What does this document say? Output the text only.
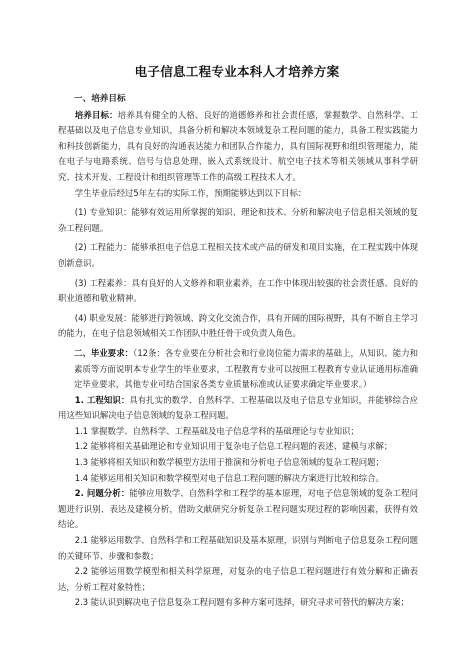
电子信息工程专业本科人才培养方案

一、培养目标

培养目标：培养具有健全的人格、良好的道德修养和社会责任感，掌握数学、自然科学、工程基础以及电子信息专业知识，具备分析和解决本领域复杂工程问题的能力，具备工程实践能力和科技创新能力，具有良好的沟通表达能力和团队合作能力，具有国际视野和组织管理能力，能在电子与电路系统、信号与信息处理、嵌入式系统设计、航空电子技术等相关领域从事科学研究、技术开发、工程设计和组织管理等工作的高级工程技术人才。

学生毕业后经过5年左右的实际工作，预期能够达到以下目标：

(1) 专业知识：能够有效运用所掌握的知识、理论和技术、分析和解决电子信息相关领域的复杂工程问题。

(2) 工程能力：能够承担电子信息工程相关技术或产品的研发和项目实施，在工程实践中体现创新意识。

(3) 工程素养：具有良好的人文修养和职业素养，在工作中体现出较强的社会责任感、良好的职业道德和敬业精神。

(4) 职业发展：能够进行跨领域、跨文化交流合作，具有开阔的国际视野，具有不断自主学习的能力，在电子信息领域相关工作团队中胜任骨干或负责人角色。

二、毕业要求：（12条：各专业要在分析社会和行业岗位能力需求的基础上，从知识、能力和素质等方面说明本专业学生的毕业要求，工程教育专业可以按照工程教育专业认证通用标准确定毕业要求，其他专业可结合国家各类专业质量标准或认证要求确定毕业要求。）

1. 工程知识：具有扎实的数学、自然科学、工程基础以及电子信息专业知识，并能够综合应用这些知识解决电子信息领域的复杂工程问题。

1.1 掌握数学、自然科学、工程基础及电子信息学科的基础理论与专业知识；

1.2 能够将相关基础理论和专业知识用于复杂电子信息工程问题的表述、建模与求解；

1.3 能够将相关知识和数学模型方法用于推演和分析电子信息领域的复杂工程问题；

1.4 能够运用相关知识和数学模型对电子信息工程问题的解决方案进行比较和综合。

2. 问题分析：能够应用数学、自然科学和工程学的基本原理，对电子信息领域的复杂工程问题进行识别、表达及建模分析，借助文献研究分析复杂工程问题实现过程的影响因素，获得有效结论。

2.1 能够运用数学、自然科学和工程基础知识及基本原理，识别与判断电子信息复杂工程问题的关键环节、步骤和参数；

2.2 能够运用数学模型和相关科学原理，对复杂的电子信息工程问题进行有效分解和正确表达，分析工程对象特性；

2.3 能认识到解决电子信息复杂工程问题有多种方案可选择，研究寻求可替代的解决方案；
